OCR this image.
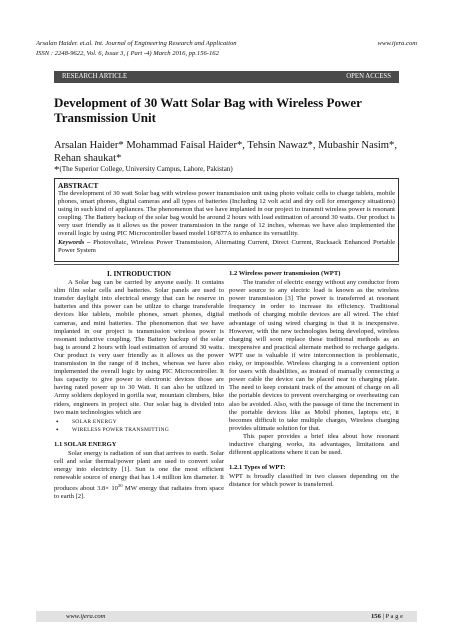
Arsalan Haider. et.al. Int. Journal of Engineering Research and Application	www.ijera.com
ISSN : 2248-9622, Vol. 6, Issue 3, ( Part -4) March 2016, pp.156-162
RESEARCH ARTICLE	OPEN ACCESS
Development of 30 Watt Solar Bag with Wireless Power Transmission Unit
Arsalan Haider* Mohammad Faisal Haider*, Tehsin Nawaz*, Mubashir Nasim*, Rehan shaukat*
*(The Superior College, University Campus, Lahore, Pakistan)
ABSTRACT

The development of 30 watt Solar bag with wireless power transmission unit using photo voltaic cells to charge tablets, mobile phones, smart phones, digital cameras and all types of batteries (Including 12 volt acid and dry cell for emergency situations) using in such kind of appliances. The phenomenon that we have implanted in our project to transmit wireless power is resonant coupling. The Battery backup of the solar bag would be around 2 hours with load estimation of around 30 watts. Our product is very user friendly as it allows us the power transmission in the range of 12 inches, whereas we have also implemented the overall logic by using PIC Microcontroller based model 16F877A to enhance its versatility.

Keywords – Photovoltaic, Wireless Power Transmission, Alternating Current, Direct Current, Rucksack Enhanced Portable Power System

I. INTRODUCTION

A Solar bag can be carried by anyone easily. It contains slim film solar cells and batteries. Solar panels are used to transfer daylight into electrical energy that can be reserve in batteries and this power can be utilize to charge transferable devices like tablets, mobile phones, smart phones, digital cameras, and mini batteries. The phenomenon that we have implanted in our project is transmission wireless power is resonant inductive coupling. The Battery backup of the solar bag is around 2 hours with load estimation of around 30 watts. Our product is very user friendly as it allows us the power transmission in the range of 8 inches, whereas we have also implemented the overall logic by using PIC Microcontroller. It has capacity to give power to electronic devices those are having rated power up to 30 Watt. It can also be utilized in Army soldiers deployed in gorilla war, mountain climbers, bike riders, engineers in project site. Our solar bag is divided into two main technologies which are

• SOLAR ENERGY
• WIRELESS POWER TRANSMITTING
1.1 SOLAR ENERGY

Solar energy is radiation of sun that arrives to earth. Solar cell and solar thermal/power plant are used to convert solar energy into electricity [1]. Sun is one the most efficient renewable source of energy that has 1.4 million km diameter. It produces about $3.8\times 10^{20}$ MW energy that radiates from space to earth [2].

1.2 Wireless power transmission (WPT)

The transfer of electric energy without any conductor from power source to any electric load is known as the wireless power transmission [3] The power is transferred at resonant frequency in order to increase its efficiency. Traditional methods of charging mobile devices are all wired. The chief advantage of using wired charging is that it is inexpensive. However, with the new technologies being developed, wireless charging will soon replace these traditional methods as an inexpensive and practical alternate method to recharge gadgets. WPT use is valuable if wire interconnection is problematic, risky, or impossible. Wireless charging is a convenient option for users with disabilities, as instead of manually connecting a power cable the device can be placed near to charging plate. The need to keep constant track of the amount of charge on all the portable devices to prevent overcharging or overheating can also be avoided. Also, with the passage of time the increment in the portable devices like as Mobil phones, laptops etc, it becomes difficult to take multiple charges, Wireless charging provides ultimate solution for that.

This paper provides a brief idea about how resonant inductive charging works, its advantages, limitations and different applications where it can be used.

1.2.1 Types of WPT:

WPT is broadly classified in two classes depending on the distance for which power is transferred.

www.ijera.com	156 | P a g e
